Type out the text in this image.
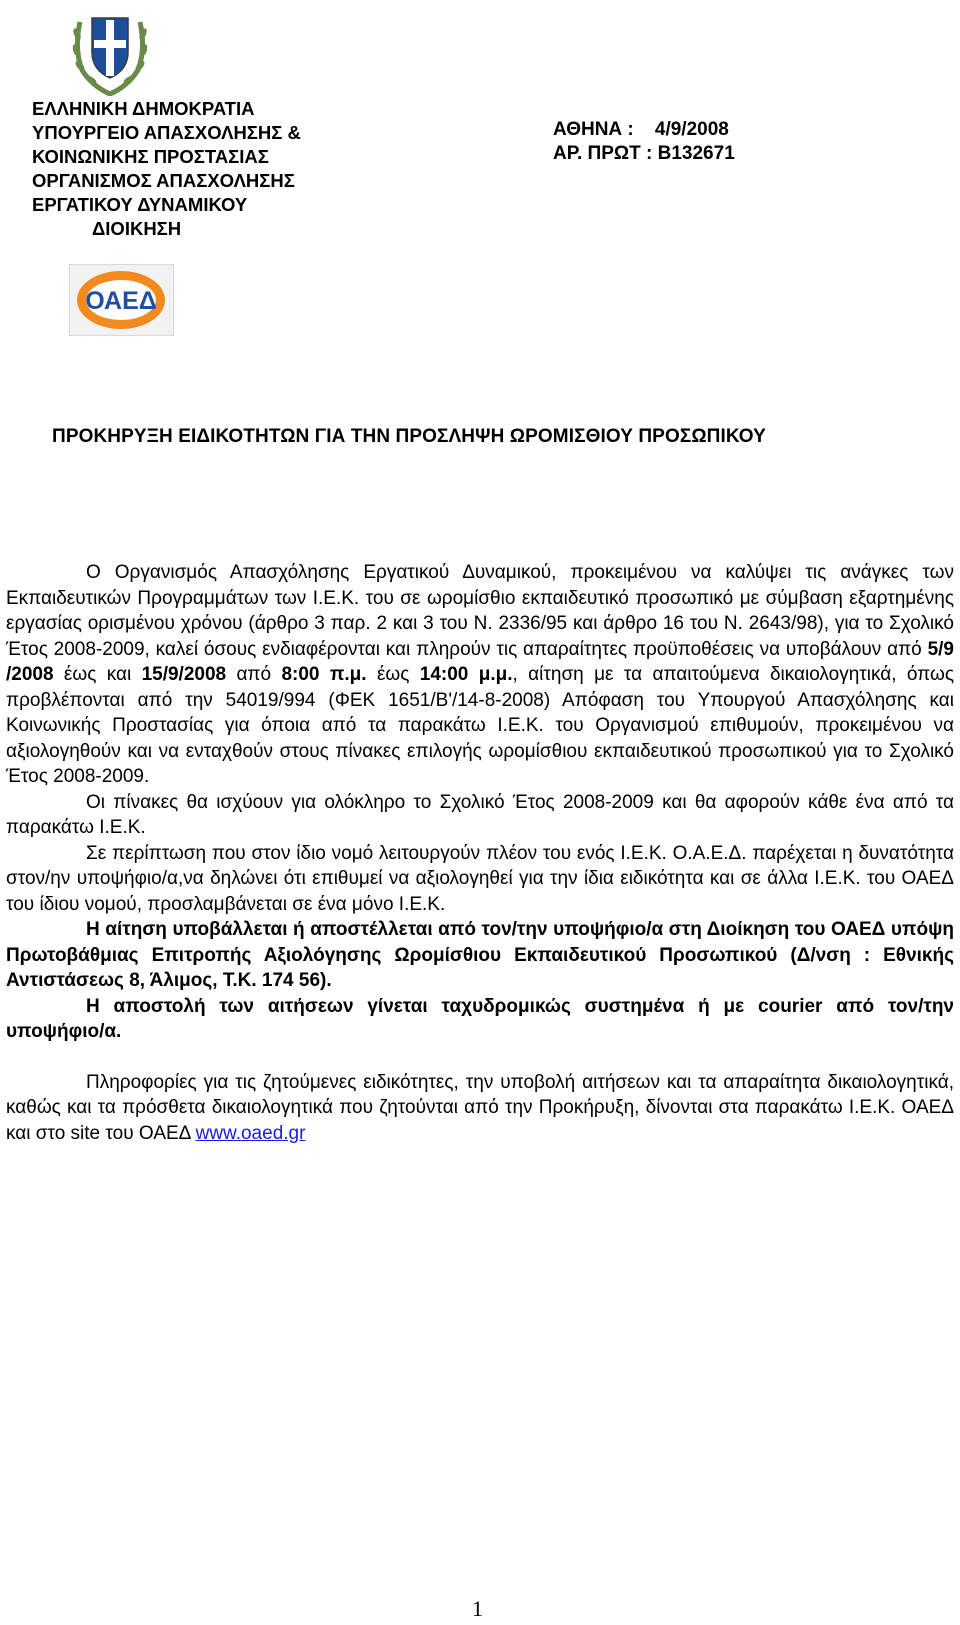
ΕΛΛΗΝΙΚΗ ΔΗΜΟΚΡΑΤΙΑ
ΥΠΟΥΡΓΕΙΟ ΑΠΑΣΧΟΛΗΣΗΣ &
ΚΟΙΝΩΝΙΚΗΣ ΠΡΟΣΤΑΣΙΑΣ
ΟΡΓΑΝΙΣΜΟΣ ΑΠΑΣΧΟΛΗΣΗΣ
ΕΡΓΑΤΙΚΟΥ ΔΥΝΑΜΙΚΟΥ
ΔΙΟΙΚΗΣΗ
ΑΘΗΝΑ :    4/9/2008
ΑΡ. ΠΡΩΤ : Β132671
ΟΑΕΔ
ΠΡΟΚΗΡΥΞΗ ΕΙΔΙΚΟΤΗΤΩΝ ΓΙΑ ΤΗΝ ΠΡΟΣΛΗΨΗ ΩΡΟΜΙΣΘΙΟΥ ΠΡΟΣΩΠΙΚΟΥ

Ο Οργανισμός Απασχόλησης Εργατικού Δυναμικού, προκειμένου να καλύψει τις ανάγκες των Εκπαιδευτικών Προγραμμάτων των Ι.Ε.Κ. του σε ωρομίσθιο εκπαιδευτικό προσωπικό με σύμβαση εξαρτημένης εργασίας ορισμένου χρόνου (άρθρο 3 παρ. 2 και 3 του Ν. 2336/95 και άρθρο 16 του Ν. 2643/98), για το Σχολικό Έτος 2008-2009, καλεί όσους ενδιαφέρονται και πληρούν τις απαραίτητες προϋποθέσεις να υποβάλουν από 5/9 /2008 έως και 15/9/2008 από 8:00 π.μ. έως 14:00 μ.μ., αίτηση με τα απαιτούμενα δικαιολογητικά, όπως προβλέπονται από την 54019/994 (ΦΕΚ 1651/Β'/14-8-2008) Απόφαση του Υπουργού Απασχόλησης και Κοινωνικής Προστασίας για όποια από τα παρακάτω Ι.Ε.Κ. του Οργανισμού επιθυμούν, προκειμένου να αξιολογηθούν και να ενταχθούν στους πίνακες επιλογής ωρομίσθιου εκπαιδευτικού προσωπικού για το Σχολικό Έτος 2008-2009.

Οι πίνακες θα ισχύουν για ολόκληρο το Σχολικό Έτος 2008-2009 και θα αφορούν κάθε ένα από τα παρακάτω Ι.Ε.Κ.

Σε περίπτωση που στον ίδιο νομό λειτουργούν πλέον του ενός Ι.Ε.Κ. Ο.Α.Ε.Δ. παρέχεται η δυνατότητα στον/ην υποψήφιο/α,να δηλώνει ότι επιθυμεί να αξιολογηθεί για την ίδια ειδικότητα και σε άλλα Ι.Ε.Κ. του ΟΑΕΔ του ίδιου νομού, προσλαμβάνεται σε ένα μόνο Ι.Ε.Κ.

Η αίτηση υποβάλλεται ή αποστέλλεται από τον/την υποψήφιο/α στη Διοίκηση του ΟΑΕΔ υπόψη Πρωτοβάθμιας Επιτροπής Αξιολόγησης Ωρομίσθιου Εκπαιδευτικού Προσωπικού (Δ/νση : Εθνικής Αντιστάσεως 8, Άλιμος, Τ.Κ. 174 56).

Η αποστολή των αιτήσεων γίνεται ταχυδρομικώς συστημένα ή με courier από τον/την υποψήφιο/α.

Πληροφορίες για τις ζητούμενες ειδικότητες, την υποβολή αιτήσεων και τα απαραίτητα δικαιολογητικά, καθώς και τα πρόσθετα δικαιολογητικά που ζητούνται από την Προκήρυξη, δίνονται στα παρακάτω Ι.Ε.Κ. ΟΑΕΔ και στο site του ΟΑΕΔ www.oaed.gr

1
